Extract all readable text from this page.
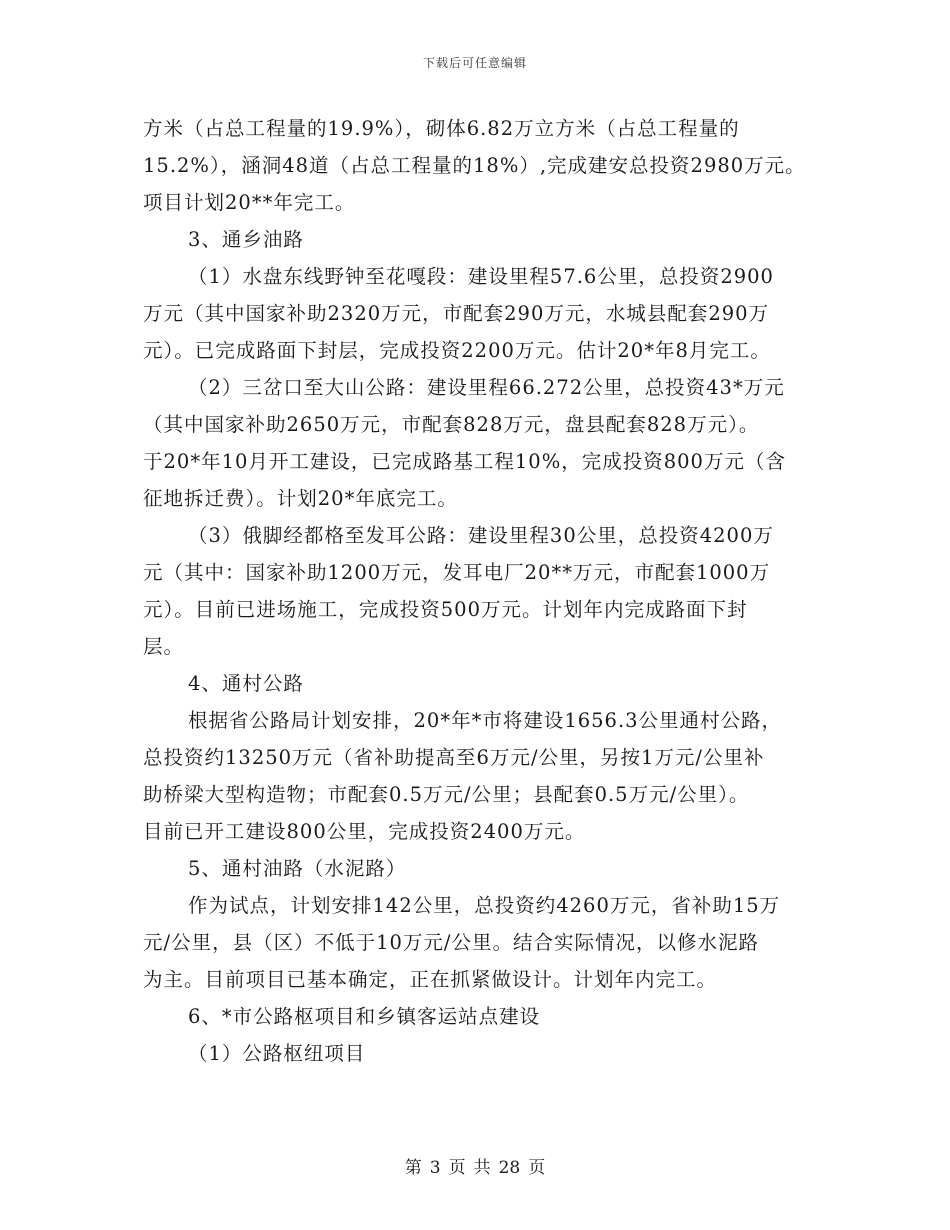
下载后可任意编辑
方米（占总工程量的19.9%），砌体6.82万立方米（占总工程量的
15.2%），涵洞48道（占总工程量的18%）,完成建安总投资2980万元。
项目计划20**年完工。
3、通乡油路
（1）水盘东线野钟至花嘎段：建设里程57.6公里，总投资2900
万元（其中国家补助2320万元，市配套290万元，水城县配套290万
元）。已完成路面下封层，完成投资2200万元。估计20*年8月完工。
（2）三岔口至大山公路：建设里程66.272公里，总投资43*万元
（其中国家补助2650万元，市配套828万元，盘县配套828万元）。
于20*年10月开工建设，已完成路基工程10%，完成投资800万元（含
征地拆迁费）。计划20*年底完工。
（3）俄脚经都格至发耳公路：建设里程30公里，总投资4200万
元（其中：国家补助1200万元，发耳电厂20**万元，市配套1000万
元）。目前已进场施工，完成投资500万元。计划年内完成路面下封
层。
4、通村公路
根据省公路局计划安排，20*年*市将建设1656.3公里通村公路，
总投资约13250万元（省补助提高至6万元/公里，另按1万元/公里补
助桥梁大型构造物；市配套0.5万元/公里；县配套0.5万元/公里）。
目前已开工建设800公里，完成投资2400万元。
5、通村油路（水泥路）
作为试点，计划安排142公里，总投资约4260万元，省补助15万
元/公里，县（区）不低于10万元/公里。结合实际情况，以修水泥路
为主。目前项目已基本确定，正在抓紧做设计。计划年内完工。
6、*市公路枢项目和乡镇客运站点建设
（1）公路枢纽项目
第 3 页 共 28 页
